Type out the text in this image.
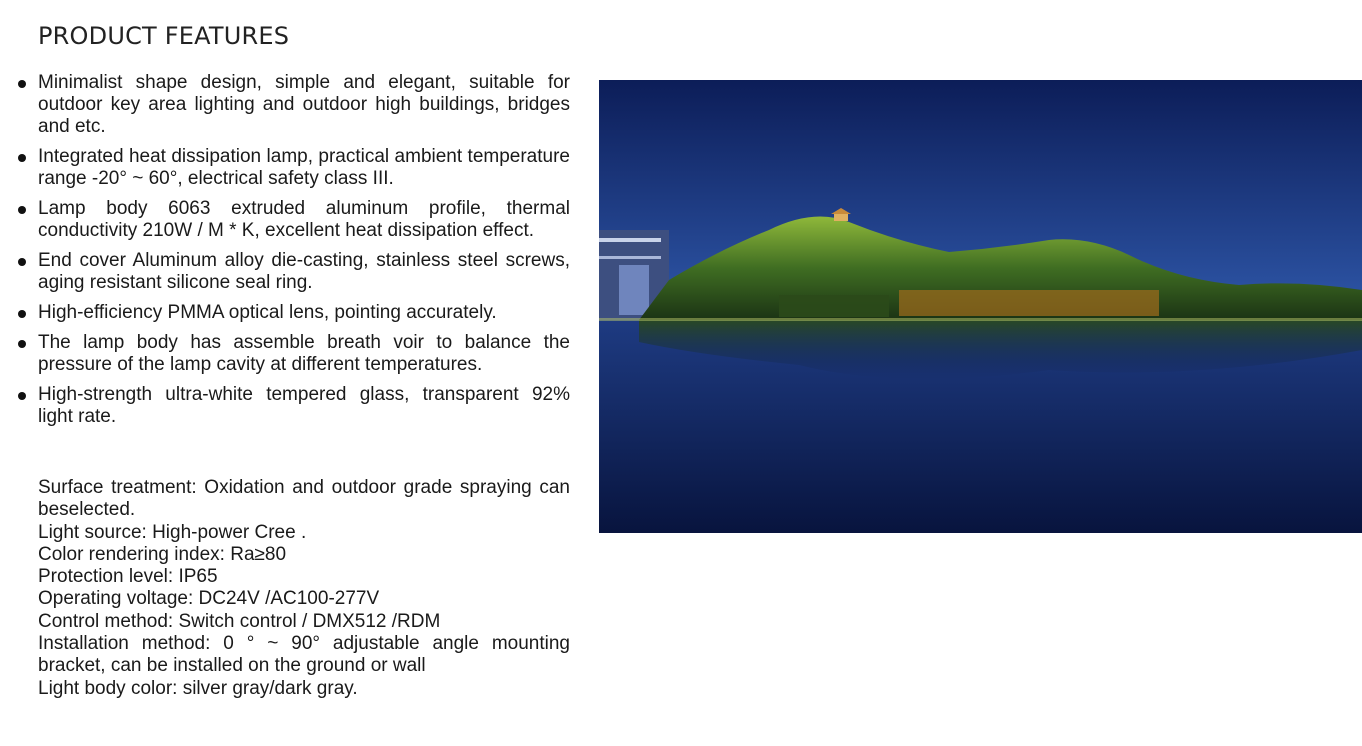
PRODUCT FEATURES
Minimalist shape design, simple and elegant, suitable for outdoor key area lighting and outdoor high buildings, bridges and etc.
Integrated heat dissipation lamp, practical ambient temperature range -20° ~ 60°, electrical safety class III.
Lamp body 6063 extruded aluminum profile, thermal conductivity 210W / M * K, excellent heat dissipation effect.
End cover Aluminum alloy die-casting, stainless steel screws, aging resistant silicone seal ring.
High-efficiency PMMA optical lens, pointing accurately.
The lamp body has assemble breath voir to balance the pressure of the lamp cavity at different temperatures.
High-strength ultra-white tempered glass, transparent 92% light rate.
Surface treatment: Oxidation and outdoor grade spraying can beselected.
Light source: High-power Cree .
Color rendering index: Ra≥80
Protection level: IP65
Operating voltage: DC24V /AC100-277V
Control method: Switch control / DMX512 /RDM
Installation method: 0 ° ~ 90° adjustable angle mounting bracket, can be installed on the ground or wall
Light body color: silver gray/dark gray.
